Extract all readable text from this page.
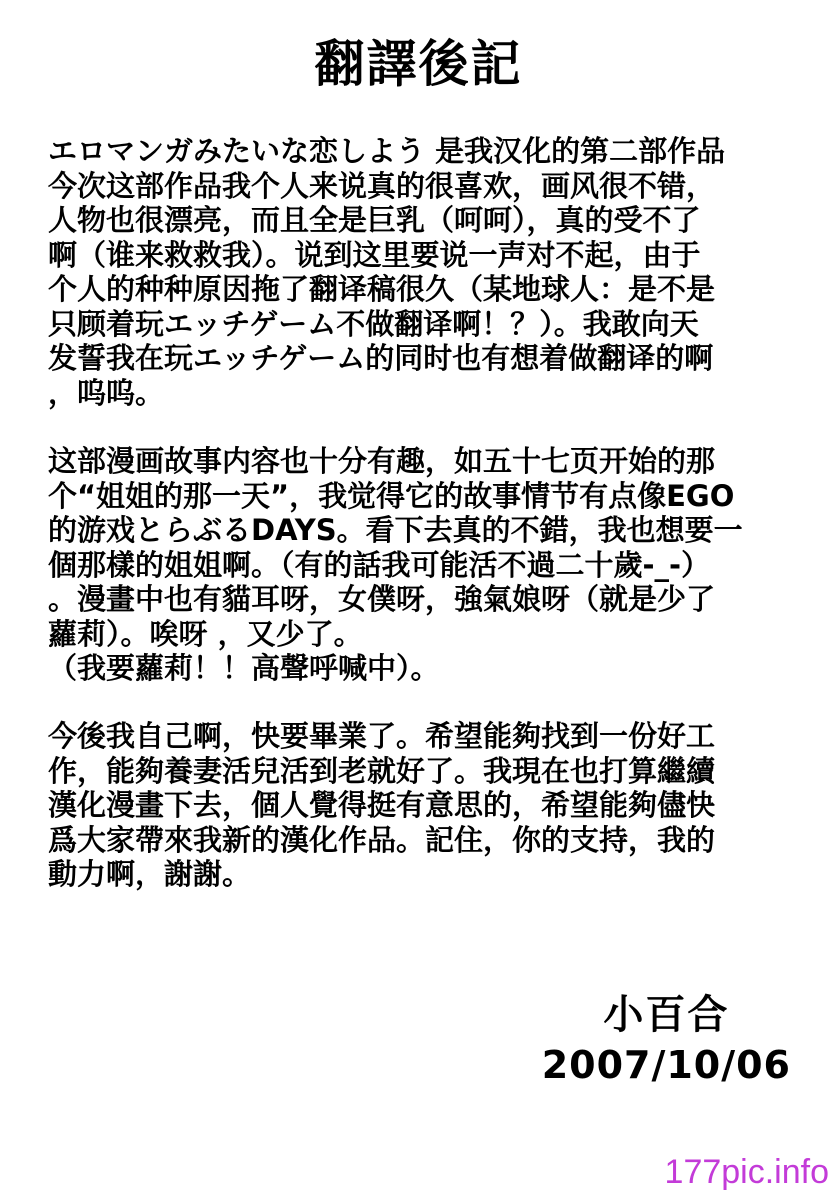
翻譯後記
エロマンガみたいな恋しよう 是我汉化的第二部作品
今次这部作品我个人来说真的很喜欢，画风很不错，
人物也很漂亮，而且全是巨乳（呵呵），真的受不了
啊（谁来救救我）。说到这里要说一声对不起，由于
个人的种种原因拖了翻译稿很久（某地球人：是不是
只顾着玩エッチゲーム不做翻译啊！？）。我敢向天
发誓我在玩エッチゲーム的同时也有想着做翻译的啊
，呜呜。
这部漫画故事内容也十分有趣，如五十七页开始的那
个“姐姐的那一天”，我觉得它的故事情节有点像EGO
的游戏とらぶるDAYS。看下去真的不錯，我也想要一
個那樣的姐姐啊。（有的話我可能活不過二十歲-_-）
。漫畫中也有貓耳呀，女僕呀，強氣娘呀（就是少了
蘿莉）。唉呀 ，又少了。
（我要蘿莉！！高聲呼喊中）。
今後我自己啊，快要畢業了。希望能夠找到一份好工
作，能夠養妻活兒活到老就好了。我現在也打算繼續
漢化漫畫下去，個人覺得挺有意思的，希望能夠儘快
爲大家帶來我新的漢化作品。記住，你的支持，我的
動力啊，謝謝。
小百合
2007/10/06
177pic.info
